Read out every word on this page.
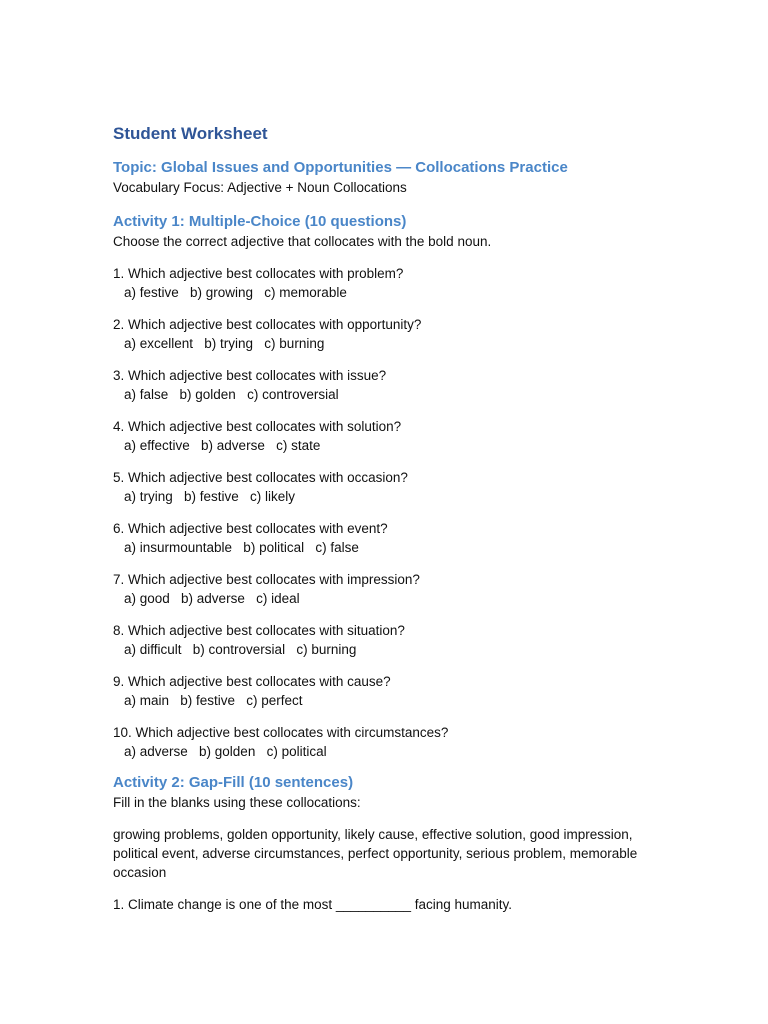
Student Worksheet
Topic: Global Issues and Opportunities — Collocations Practice

Vocabulary Focus: Adjective + Noun Collocations

Activity 1: Multiple-Choice (10 questions)

Choose the correct adjective that collocates with the bold noun.

1. Which adjective best collocates with problem?
a) festive   b) growing   c) memorable
2. Which adjective best collocates with opportunity?
a) excellent   b) trying   c) burning
3. Which adjective best collocates with issue?
a) false   b) golden   c) controversial
4. Which adjective best collocates with solution?
a) effective   b) adverse   c) state
5. Which adjective best collocates with occasion?
a) trying   b) festive   c) likely
6. Which adjective best collocates with event?
a) insurmountable   b) political   c) false
7. Which adjective best collocates with impression?
a) good   b) adverse   c) ideal
8. Which adjective best collocates with situation?
a) difficult   b) controversial   c) burning
9. Which adjective best collocates with cause?
a) main   b) festive   c) perfect
10. Which adjective best collocates with circumstances?
a) adverse   b) golden   c) political
Activity 2: Gap-Fill (10 sentences)

Fill in the blanks using these collocations:

growing problems, golden opportunity, likely cause, effective solution, good impression, political event, adverse circumstances, perfect opportunity, serious problem, memorable occasion

1. Climate change is one of the most __________ facing humanity.
